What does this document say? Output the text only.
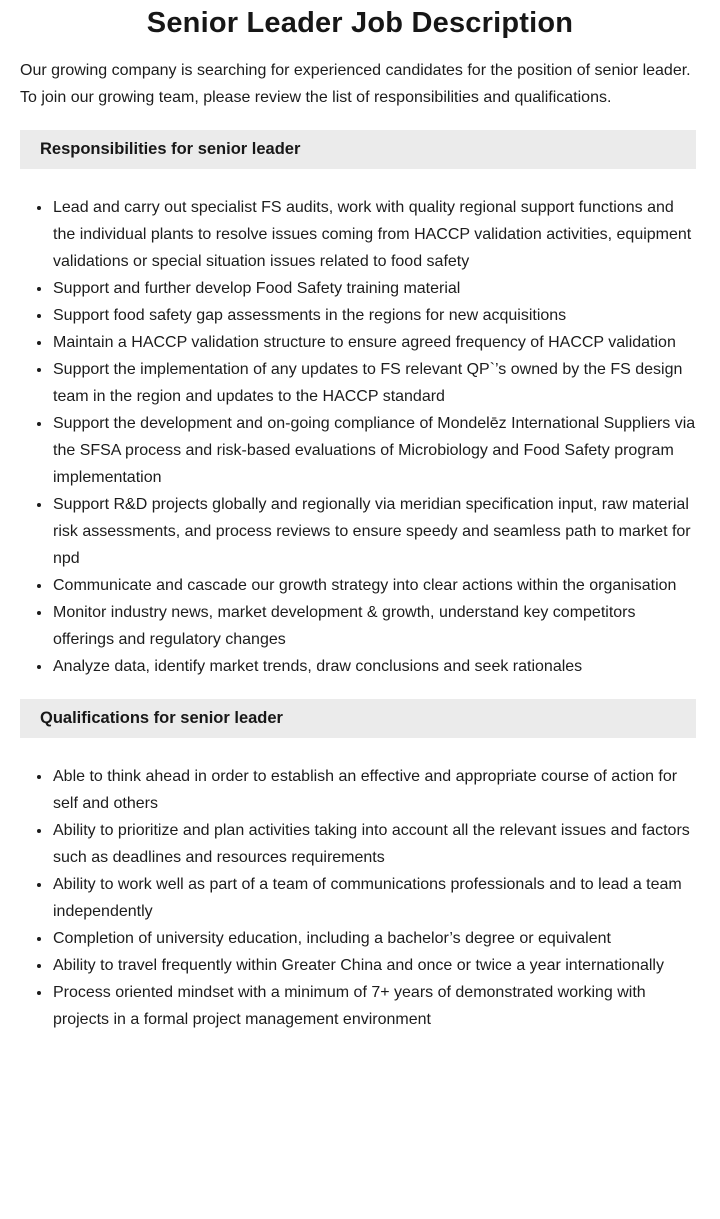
Senior Leader Job Description

Our growing company is searching for experienced candidates for the position of senior leader. To join our growing team, please review the list of responsibilities and qualifications.

Responsibilities for senior leader
• Lead and carry out specialist FS audits, work with quality regional support functions and the individual plants to resolve issues coming from HACCP validation activities, equipment validations or special situation issues related to food safety
• Support and further develop Food Safety training material
• Support food safety gap assessments in the regions for new acquisitions
• Maintain a HACCP validation structure to ensure agreed frequency of HACCP validation
• Support the implementation of any updates to FS relevant QP`’s owned by the FS design team in the region and updates to the HACCP standard
• Support the development and on-going compliance of Mondelēz International Suppliers via the SFSA process and risk-based evaluations of Microbiology and Food Safety program implementation
• Support R&D projects globally and regionally via meridian specification input, raw material risk assessments, and process reviews to ensure speedy and seamless path to market for npd
• Communicate and cascade our growth strategy into clear actions within the organisation
• Monitor industry news, market development & growth, understand key competitors offerings and regulatory changes
• Analyze data, identify market trends, draw conclusions and seek rationales
Qualifications for senior leader
• Able to think ahead in order to establish an effective and appropriate course of action for self and others
• Ability to prioritize and plan activities taking into account all the relevant issues and factors such as deadlines and resources requirements
• Ability to work well as part of a team of communications professionals and to lead a team independently
• Completion of university education, including a bachelor’s degree or equivalent
• Ability to travel frequently within Greater China and once or twice a year internationally
• Process oriented mindset with a minimum of 7+ years of demonstrated working with projects in a formal project management environment
